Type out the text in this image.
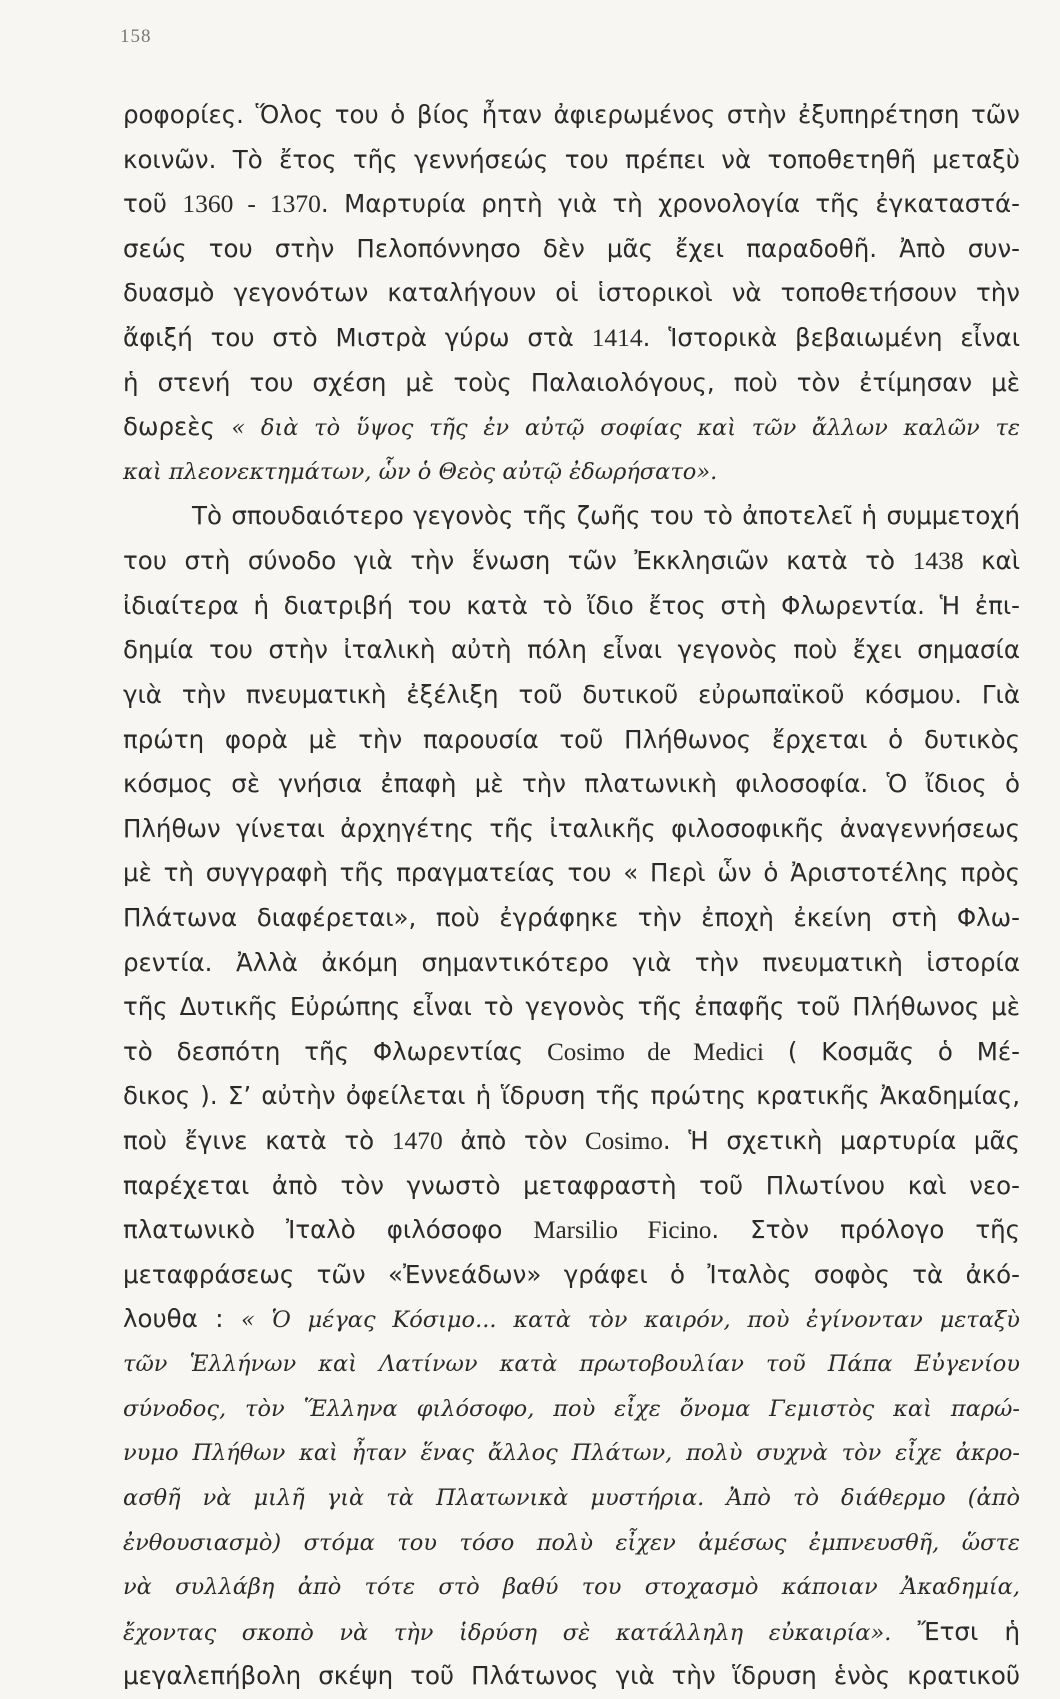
158
ροφορίες. Ὅλος του ὁ βίος ἦταν ἀφιερωμένος στὴν ἐξυπηρέτηση τῶν
κοινῶν. Τὸ ἔτος τῆς γεννήσεώς του πρέπει νὰ τοποθετηθῆ μεταξὺ
τοῦ 1360 - 1370. Μαρτυρία ρητὴ γιὰ τὴ χρονολογία τῆς ἐγκαταστά-
σεώς του στὴν Πελοπόννησο δὲν μᾶς ἔχει παραδοθῆ. Ἀπὸ συν-
δυασμὸ γεγονότων καταλήγουν οἱ ἱστορικοὶ νὰ τοποθετήσουν τὴν
ἄφιξή του στὸ Μιστρὰ γύρω στὰ 1414. Ἱστορικὰ βεβαιωμένη εἶναι
ἡ στενή του σχέση μὲ τοὺς Παλαιολόγους, ποὺ τὸν ἐτίμησαν μὲ
δωρεὲς « διὰ τὸ ὕψος τῆς ἐν αὐτῷ σοφίας καὶ τῶν ἄλλων καλῶν τε
καὶ πλεονεκτημάτων, ὧν ὁ Θεὸς αὐτῷ ἐδωρήσατο».
Τὸ σπουδαιότερο γεγονὸς τῆς ζωῆς του τὸ ἀποτελεῖ ἡ συμμετοχή
του στὴ σύνοδο γιὰ τὴν ἕνωση τῶν Ἐκκλησιῶν κατὰ τὸ 1438 καὶ
ἰδιαίτερα ἡ διατριβή του κατὰ τὸ ἴδιο ἔτος στὴ Φλωρεντία. Ἡ ἐπι-
δημία του στὴν ἰταλικὴ αὐτὴ πόλη εἶναι γεγονὸς ποὺ ἔχει σημασία
γιὰ τὴν πνευματικὴ ἐξέλιξη τοῦ δυτικοῦ εὐρωπαϊκοῦ κόσμου. Γιὰ
πρώτη φορὰ μὲ τὴν παρουσία τοῦ Πλήθωνος ἔρχεται ὁ δυτικὸς
κόσμος σὲ γνήσια ἐπαφὴ μὲ τὴν πλατωνικὴ φιλοσοφία. Ὁ ἴδιος ὁ
Πλήθων γίνεται ἀρχηγέτης τῆς ἰταλικῆς φιλοσοφικῆς ἀναγεννήσεως
μὲ τὴ συγγραφὴ τῆς πραγματείας του « Περὶ ὧν ὁ Ἀριστοτέλης πρὸς
Πλάτωνα διαφέρεται», ποὺ ἐγράφηκε τὴν ἐποχὴ ἐκείνη στὴ Φλω-
ρεντία. Ἀλλὰ ἀκόμη σημαντικότερο γιὰ τὴν πνευματικὴ ἱστορία
τῆς Δυτικῆς Εὐρώπης εἶναι τὸ γεγονὸς τῆς ἐπαφῆς τοῦ Πλήθωνος μὲ
τὸ δεσπότη τῆς Φλωρεντίας Cosimo de Medici ( Κοσμᾶς ὁ Μέ-
δικος ). Σ’ αὐτὴν ὀφείλεται ἡ ἵδρυση τῆς πρώτης κρατικῆς Ἀκαδημίας,
ποὺ ἔγινε κατὰ τὸ 1470 ἀπὸ τὸν Cosimo. Ἡ σχετικὴ μαρτυρία μᾶς
παρέχεται ἀπὸ τὸν γνωστὸ μεταφραστὴ τοῦ Πλωτίνου καὶ νεο-
πλατωνικὸ Ἰταλὸ φιλόσοφο Marsilio Ficino. Στὸν πρόλογο τῆς
μεταφράσεως τῶν «Ἐννεάδων» γράφει ὁ Ἰταλὸς σοφὸς τὰ ἀκό-
λουθα : « Ὁ μέγας Κόσιμο... κατὰ τὸν καιρόν, ποὺ ἐγίνονταν μεταξὺ
τῶν Ἑλλήνων καὶ Λατίνων κατὰ πρωτοβουλίαν τοῦ Πάπα Εὐγενίου
σύνοδος, τὸν Ἕλληνα φιλόσοφο, ποὺ εἶχε ὄνομα Γεμιστὸς καὶ παρώ-
νυμο Πλήθων καὶ ἦταν ἕνας ἄλλος Πλάτων, πολὺ συχνὰ τὸν εἶχε ἀκρο-
ασθῆ νὰ μιλῆ γιὰ τὰ Πλατωνικὰ μυστήρια. Ἀπὸ τὸ διάθερμο (ἀπὸ
ἐνθουσιασμὸ) στόμα του τόσο πολὺ εἶχεν ἀμέσως ἐμπνευσθῆ, ὥστε
νὰ συλλάβη ἀπὸ τότε στὸ βαθύ του στοχασμὸ κάποιαν Ἀκαδημία,
ἔχοντας σκοπὸ νὰ τὴν ἱδρύση σὲ κατάλληλη εὐκαιρία». Ἔτσι ἡ
μεγαλεπήβολη σκέψη τοῦ Πλάτωνος γιὰ τὴν ἵδρυση ἑνὸς κρατικοῦ
